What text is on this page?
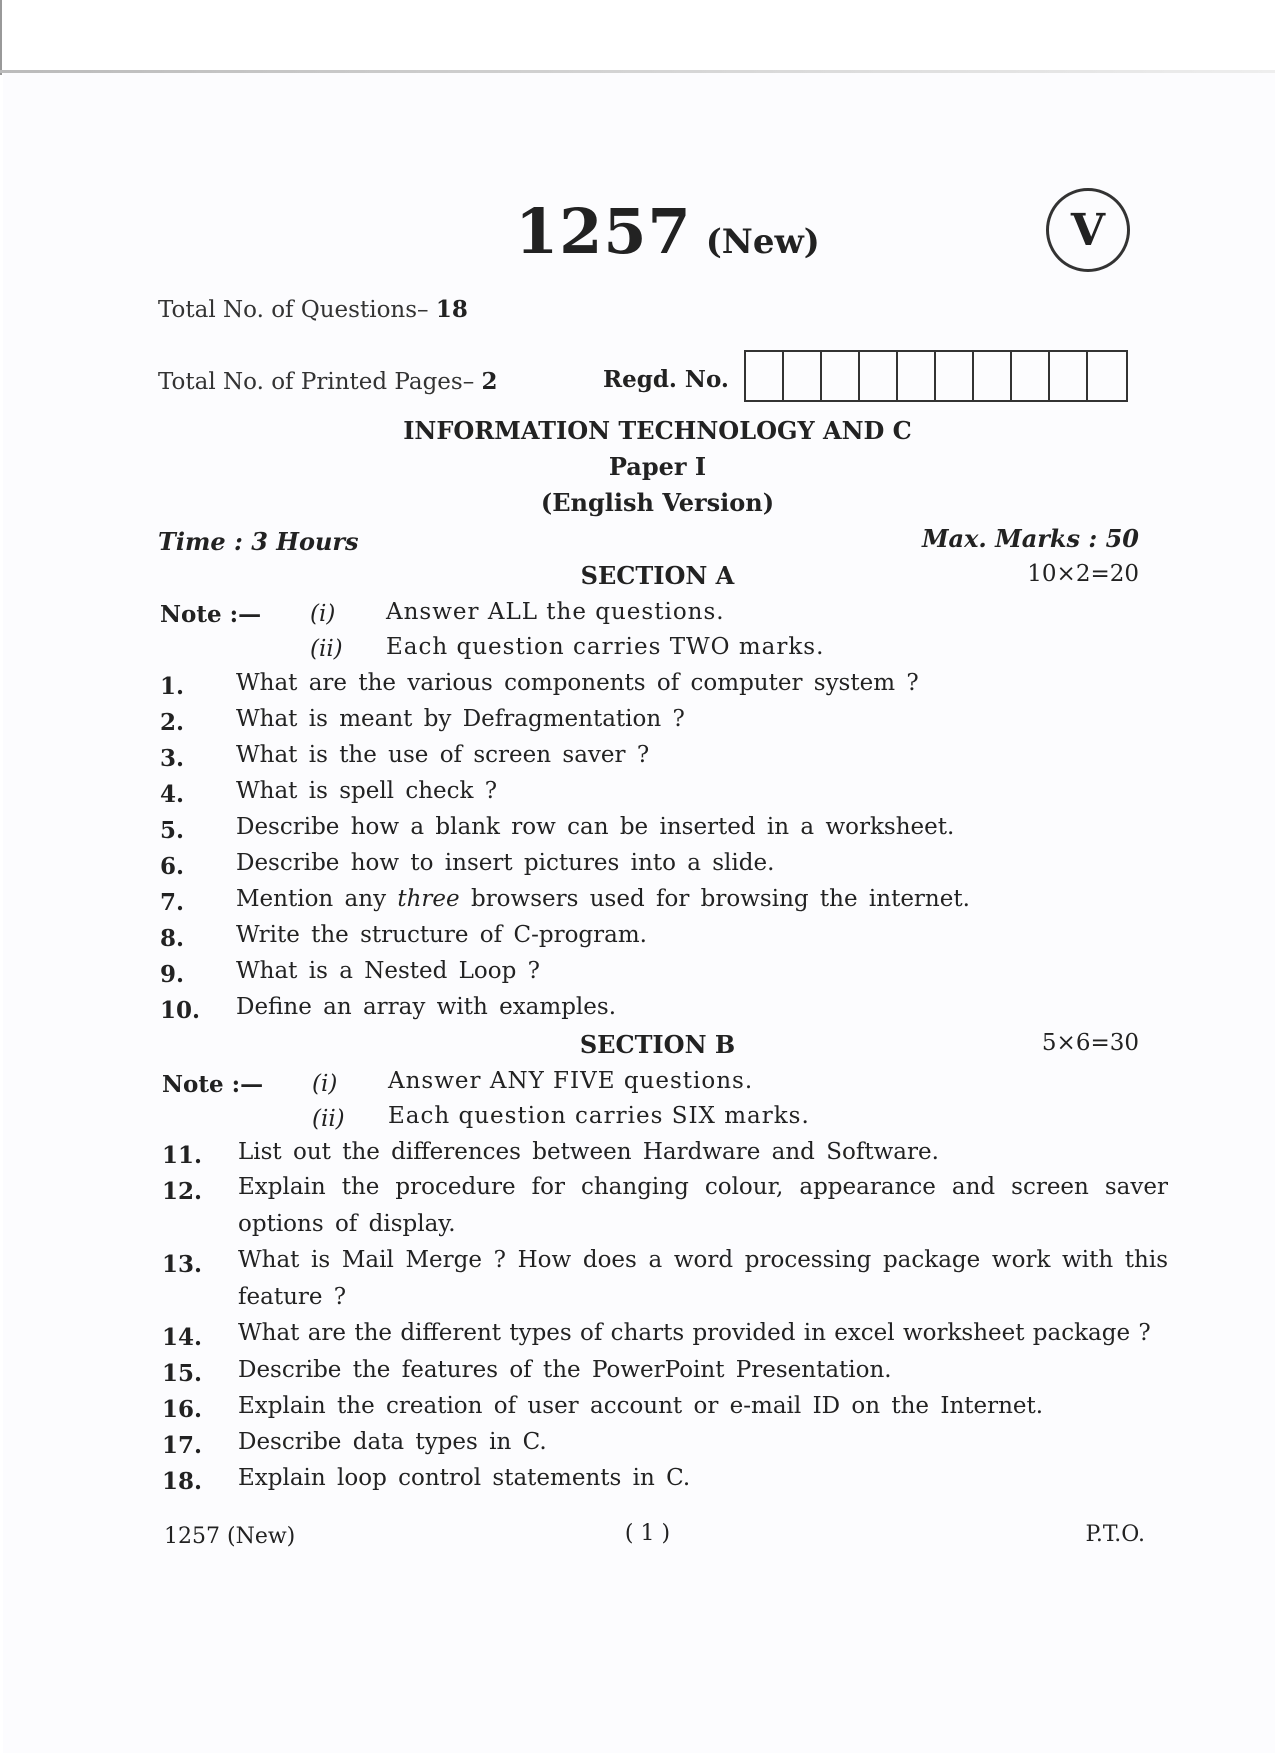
1257 (New)	V
Total No. of Questions– 18
Total No. of Printed Pages– 2	Regd. No.
INFORMATION TECHNOLOGY AND C
Paper I
(English Version)
Time : 3 Hours	Max. Marks : 50
SECTION A	10×2=20
Note :— (i) Answer ALL the questions.
(ii) Each question carries TWO marks.
1. What are the various components of computer system ?
2. What is meant by Defragmentation ?
3. What is the use of screen saver ?
4. What is spell check ?
5. Describe how a blank row can be inserted in a worksheet.
6. Describe how to insert pictures into a slide.
7. Mention any three browsers used for browsing the internet.
8. Write the structure of C-program.
9. What is a Nested Loop ?
10. Define an array with examples.
SECTION B	5×6=30
Note :— (i) Answer ANY FIVE questions.
(ii) Each question carries SIX marks.
11. List out the differences between Hardware and Software.
12. Explain the procedure for changing colour, appearance and screen saver options of display.
13. What is Mail Merge ? How does a word processing package work with this feature ?
14. What are the different types of charts provided in excel worksheet package ?
15. Describe the features of the PowerPoint Presentation.
16. Explain the creation of user account or e-mail ID on the Internet.
17. Describe data types in C.
18. Explain loop control statements in C.
1257 (New)	( 1 )	P.T.O.
